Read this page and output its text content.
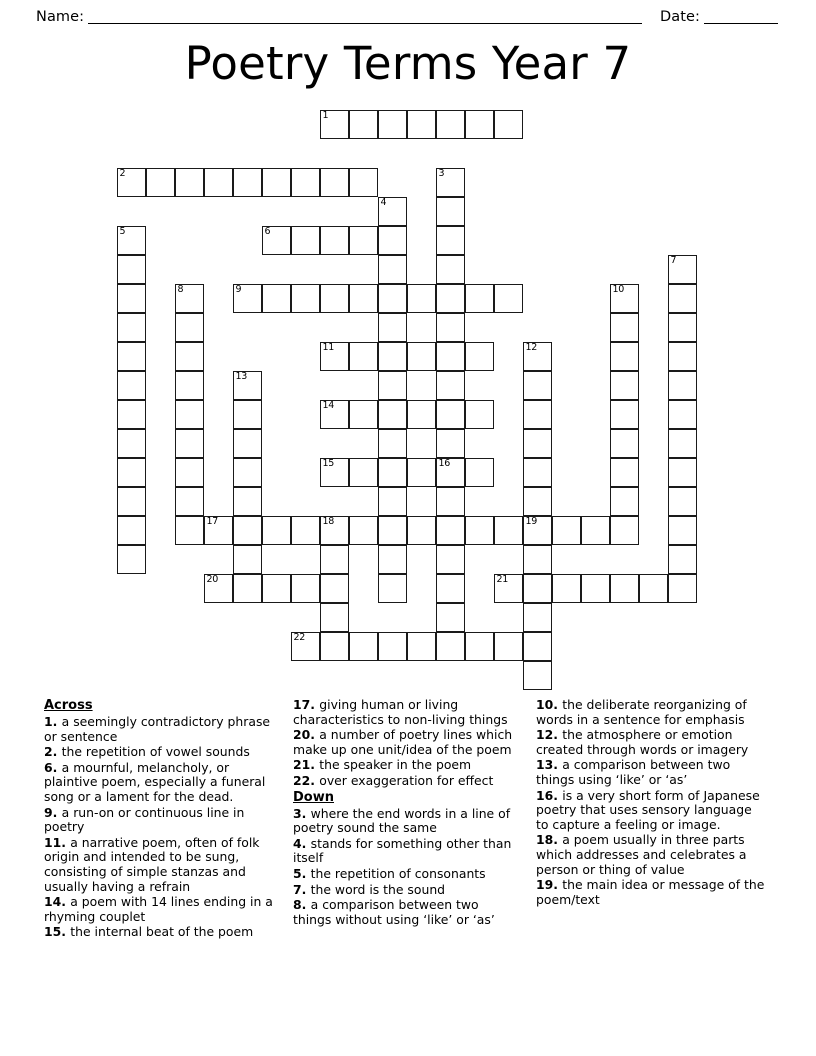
Name:	Date:
Poetry Terms Year 7
1
2	3
16
4
5	6
7
8	9	10
11	12
19
13
14
15
17	18
20	21
22
Across
1. a seemingly contradictory phrase or sentence
2. the repetition of vowel sounds
6. a mournful, melancholy, or plaintive poem, especially a funeral song or a lament for the dead.
9. a run-on or continuous line in poetry
11. a narrative poem, often of folk origin and intended to be sung, consisting of simple stanzas and usually having a refrain
14. a poem with 14 lines ending in a rhyming couplet
15. the internal beat of the poem
17. giving human or living characteristics to non-living things
20. a number of poetry lines which make up one unit/idea of the poem
21. the speaker in the poem
22. over exaggeration for effect
Down
3. where the end words in a line of poetry sound the same
4. stands for something other than itself
5. the repetition of consonants
7. the word is the sound
8. a comparison between two things without using ‘like’ or ‘as’
10. the deliberate reorganizing of words in a sentence for emphasis
12. the atmosphere or emotion created through words or imagery
13. a comparison between two things using ‘like’ or ‘as’
16. is a very short form of Japanese poetry that uses sensory language to capture a feeling or image.
18. a poem usually in three parts which addresses and celebrates a person or thing of value
19. the main idea or message of the poem/text
